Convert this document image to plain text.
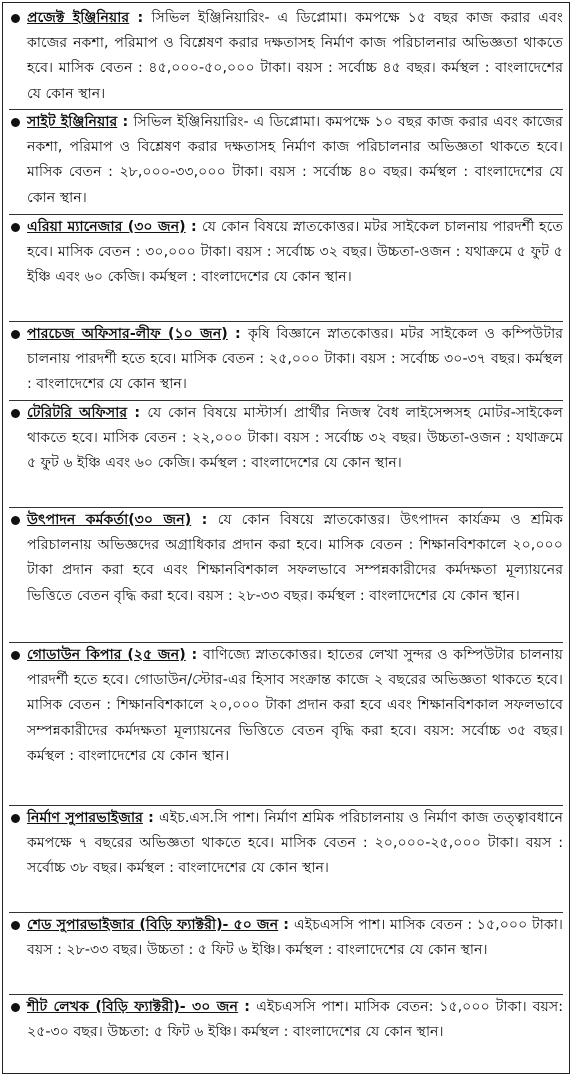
প্রজেক্ট ইঞ্জিনিয়ার : সিভিল ইঞ্জিনিয়ারিং- এ ডিপ্লোমা। কমপক্ষে ১৫ বছর কাজ করার এবং কাজের নকশা, পরিমাপ ও বিশ্লেষণ করার দক্ষতাসহ নির্মাণ কাজ পরিচালনার অভিজ্ঞতা থাকতে হবে। মাসিক বেতন : ৪৫,০০০-৫০,০০০ টাকা। বয়স : সর্বোচ্চ ৪৫ বছর। কর্মস্থল : বাংলাদেশের যে কোন স্থান।
সাইট ইঞ্জিনিয়ার : সিভিল ইঞ্জিনিয়ারিং- এ ডিপ্লোমা। কমপক্ষে ১০ বছর কাজ করার এবং কাজের নকশা, পরিমাপ ও বিশ্লেষণ করার দক্ষতাসহ নির্মাণ কাজ পরিচালনার অভিজ্ঞতা থাকতে হবে। মাসিক বেতন : ২৮,০০০-৩৩,০০০ টাকা। বয়স : সর্বোচ্চ ৪০ বছর। কর্মস্থল : বাংলাদেশের যে কোন স্থান।
এরিয়া ম্যানেজার (৩০ জন) : যে কোন বিষয়ে স্নাতকোত্তর। মটর সাইকেল চালনায় পারদর্শী হতে হবে। মাসিক বেতন : ৩০,০০০ টাকা। বয়স : সর্বোচ্চ ৩২ বছর। উচ্চতা-ওজন : যথাক্রমে ৫ ফুট ৫ ইঞ্চি এবং ৬০ কেজি। কর্মস্থল : বাংলাদেশের যে কোন স্থান।
পারচেজ অফিসার-লীফ (১০ জন) : কৃষি বিজ্ঞানে স্নাতকোত্তর। মটর সাইকেল ও কম্পিউটার চালনায় পারদর্শী হতে হবে। মাসিক বেতন : ২৫,০০০ টাকা। বয়স : সর্বোচ্চ ৩০-৩৭ বছর। কর্মস্থল : বাংলাদেশের যে কোন স্থান।
টেরিটরি অফিসার : যে কোন বিষয়ে মাস্টার্স। প্রার্থীর নিজস্ব বৈধ লাইসেন্সসহ মোটর-সাইকেল থাকতে হবে। মাসিক বেতন : ২২,০০০ টাকা। বয়স : সর্বোচ্চ ৩২ বছর। উচ্চতা-ওজন : যথাক্রমে ৫ ফুট ৬ ইঞ্চি এবং ৬০ কেজি। কর্মস্থল : বাংলাদেশের যে কোন স্থান।
উৎপাদন কর্মকর্তা(৩০ জন) : যে কোন বিষয়ে স্নাতকোত্তর। উৎপাদন কার্যক্রম ও শ্রমিক পরিচালনায় অভিজ্ঞদের অগ্রাধিকার প্রদান করা হবে। মাসিক বেতন : শিক্ষানবিশকালে ২০,০০০ টাকা প্রদান করা হবে এবং শিক্ষানবিশকাল সফলভাবে সম্পন্নকারীদের কর্মদক্ষতা মূল্যায়নের ভিত্তিতে বেতন বৃদ্ধি করা হবে। বয়স : ২৮-৩৩ বছর। কর্মস্থল : বাংলাদেশের যে কোন স্থান।
গোডাউন কিপার (২৫ জন) : বাণিজ্যে স্নাতকোত্তর। হাতের লেখা সুন্দর ও কম্পিউটার চালনায় পারদর্শী হতে হবে। গোডাউন/স্টোর-এর হিসাব সংক্রান্ত কাজে ২ বছরের অভিজ্ঞতা থাকতে হবে। মাসিক বেতন : শিক্ষানবিশকালে ২০,০০০ টাকা প্রদান করা হবে এবং শিক্ষানবিশকাল সফলভাবে সম্পন্নকারীদের কর্মদক্ষতা মূল্যায়নের ভিত্তিতে বেতন বৃদ্ধি করা হবে। বয়স: সর্বোচ্চ ৩৫ বছর। কর্মস্থল : বাংলাদেশের যে কোন স্থান।
নির্মাণ সুপারভাইজার : এইচ.এস.সি পাশ। নির্মাণ শ্রমিক পরিচালনায় ও নির্মাণ কাজ তত্ত্বাবধানে কমপক্ষে ৭ বছরের অভিজ্ঞতা থাকতে হবে। মাসিক বেতন : ২০,০০০-২৫,০০০ টাকা। বয়স : সর্বোচ্চ ৩৮ বছর। কর্মস্থল : বাংলাদেশের যে কোন স্থান।
শেড সুপারভাইজার (বিড়ি ফ্যাক্টরী)- ৫০ জন : এইচএসসি পাশ। মাসিক বেতন : ১৫,০০০ টাকা। বয়স : ২৮-৩৩ বছর। উচ্চতা : ৫ ফিট ৬ ইঞ্চি। কর্মস্থল : বাংলাদেশের যে কোন স্থান।
শীট লেখক (বিড়ি ফ্যাক্টরী)- ৩০ জন : এইচএসসি পাশ। মাসিক বেতন: ১৫,০০০ টাকা। বয়স: ২৫-৩০ বছর। উচ্চতা: ৫ ফিট ৬ ইঞ্চি। কর্মস্থল : বাংলাদেশের যে কোন স্থান।
